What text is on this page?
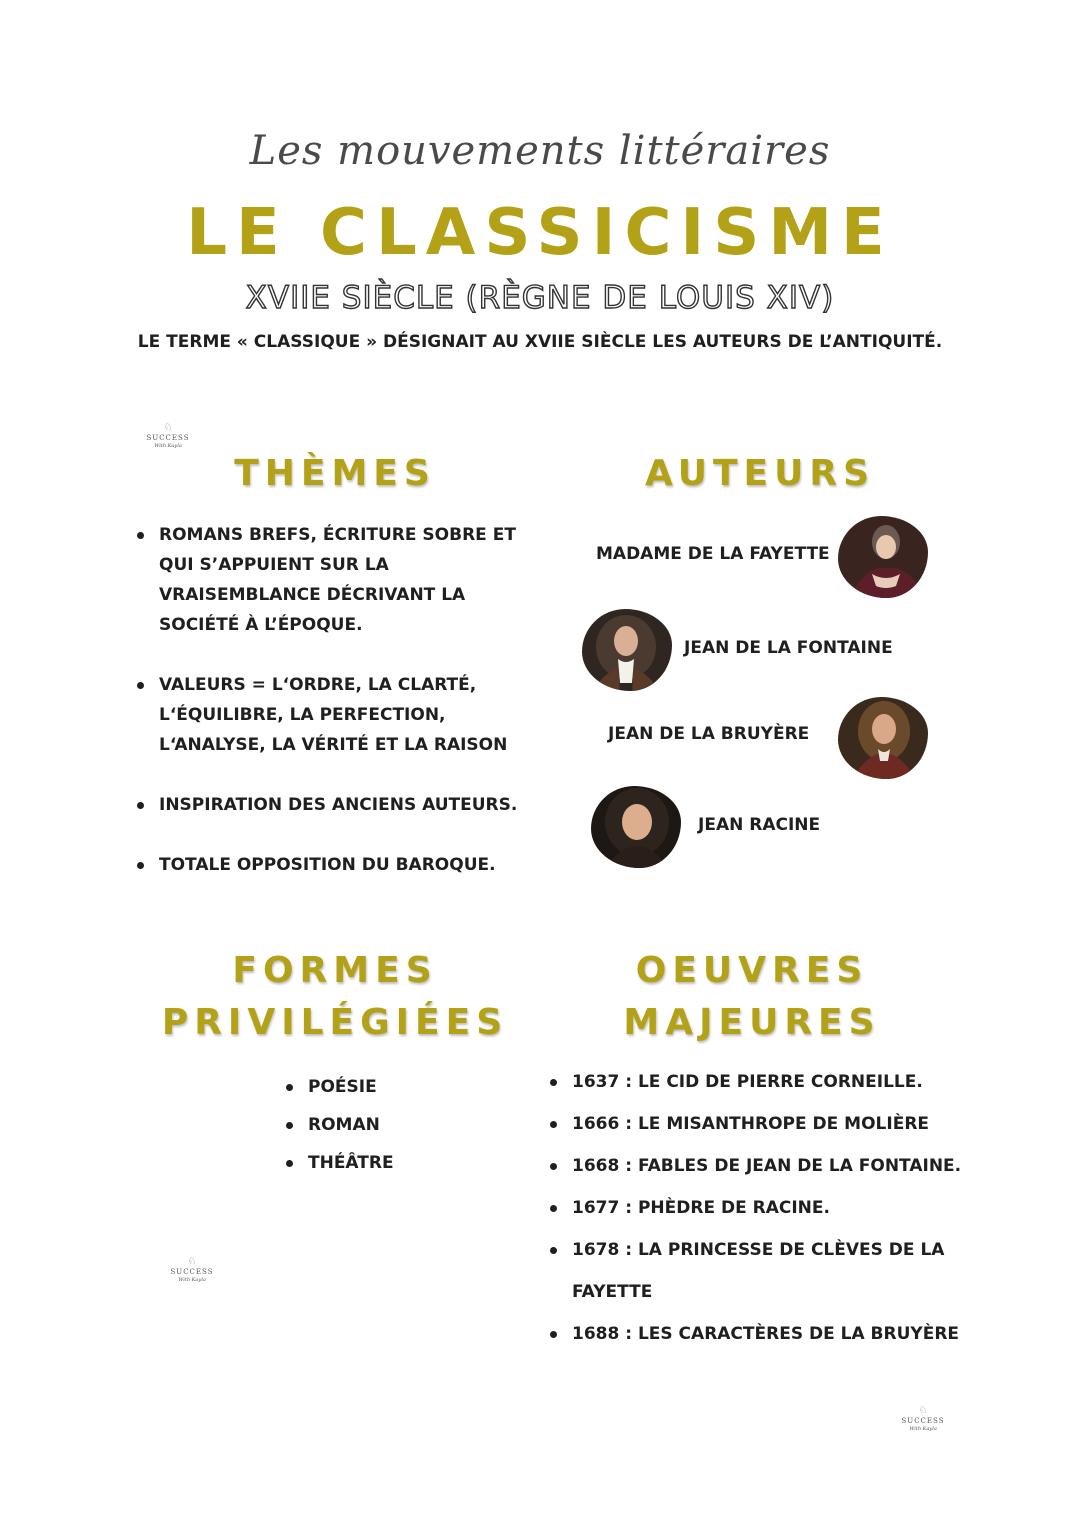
Les mouvements littéraires
LE CLASSICISME
XVIIE SIÈCLE (RÈGNE DE LOUIS XIV)
LE TERME « CLASSIQUE » DÉSIGNAIT AU XVIIE SIÈCLE LES AUTEURS DE L’ANTIQUITÉ.
♘
SUCCESS
With Kayla
THÈMES
ROMANS BREFS, ÉCRITURE SOBRE ET QUI S’APPUIENT SUR LA VRAISEMBLANCE DÉCRIVANT LA SOCIÉTÉ À L’ÉPOQUE.
VALEURS = L‘ORDRE, LA CLARTÉ, L‘ÉQUILIBRE, LA PERFECTION, L‘ANALYSE, LA VÉRITÉ ET LA RAISON
INSPIRATION DES ANCIENS AUTEURS.
TOTALE OPPOSITION DU BAROQUE.
AUTEURS
MADAME DE LA FAYETTE
JEAN DE LA FONTAINE
JEAN DE LA BRUYÈRE
JEAN RACINE
FORMES
PRIVILÉGIÉES
POÉSIE
ROMAN
THÉÂTRE
OEUVRES
MAJEURES
1637 : LE CID DE PIERRE CORNEILLE.
1666 : LE MISANTHROPE DE MOLIÈRE
1668 : FABLES DE JEAN DE LA FONTAINE.
1677 : PHÈDRE DE RACINE.
1678 : LA PRINCESSE DE CLÈVES DE LA
FAYETTE
1688 : LES CARACTÈRES DE LA BRUYÈRE
♘
SUCCESS
With Kayla
♘
SUCCESS
With Kayla
